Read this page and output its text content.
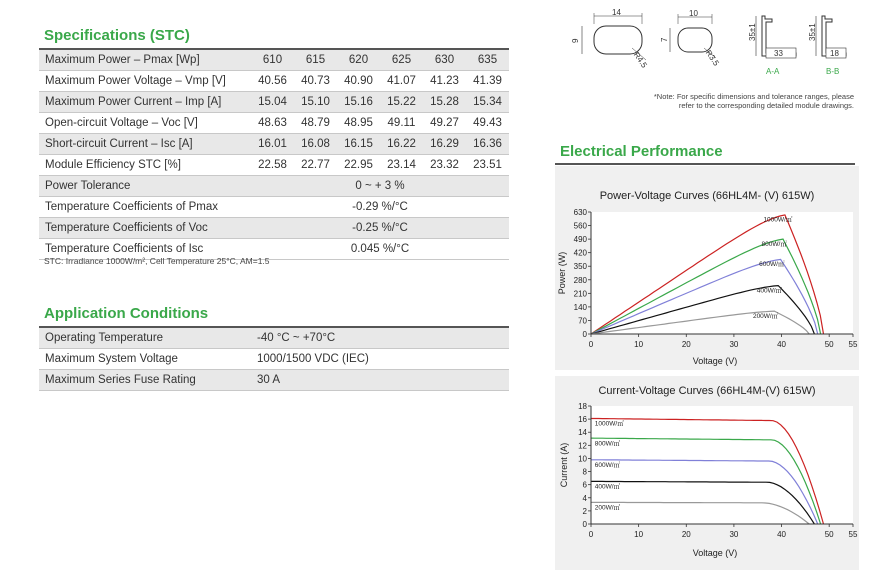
Specifications (STC)
Maximum Power – Pmax [Wp]	610	615	620	625	630	635
Maximum Power Voltage – Vmp [V]	40.56	40.73	40.90	41.07	41.23	41.39
Maximum Power Current – Imp [A]	15.04	15.10	15.16	15.22	15.28	15.34
Open-circuit Voltage – Voc [V]	48.63	48.79	48.95	49.11	49.27	49.43
Short-circuit Current – Isc [A]	16.01	16.08	16.15	16.22	16.29	16.36
Module Efficiency STC [%]	22.58	22.77	22.95	23.14	23.32	23.51
Power Tolerance	0 ~ + 3 %					
Temperature Coefficients of Pmax	-0.29 %/°C					
Temperature Coefficients of Voc	-0.25 %/°C					
Temperature Coefficients of Isc	0.045 %/°C					
STC: Irradiance 1000W/m², Cell Temperature 25°C, AM=1.5
Application Conditions
Operating Temperature	-40 °C ~ +70°C
Maximum System Voltage	1000/1500 VDC (IEC)
Maximum Series Fuse Rating	30 A
14
9
R4.5
10
7
R3.5
35±1
33
A-A
35±1
18
B-B
*Note: For specific dimensions and tolerance ranges, please
refer to the corresponding detailed module drawings.
Electrical Performance
Power-Voltage Curves (66HL4M- (V) 615W)
0	10	20	30	40	50 55
0
70
140
210
280
350
420
490
560
630
1000W/㎡
800W/㎡
600W/㎡
400W/㎡
200W/㎡
Voltage (V)
Power (W)
Current-Voltage Curves (66HL4M-(V) 615W)
0	10	20	30	40	50 55
0
2
4
6
8
10
12
14
16
18
1000W/㎡
800W/㎡
600W/㎡
400W/㎡
200W/㎡
Voltage (V)
Current (A)
